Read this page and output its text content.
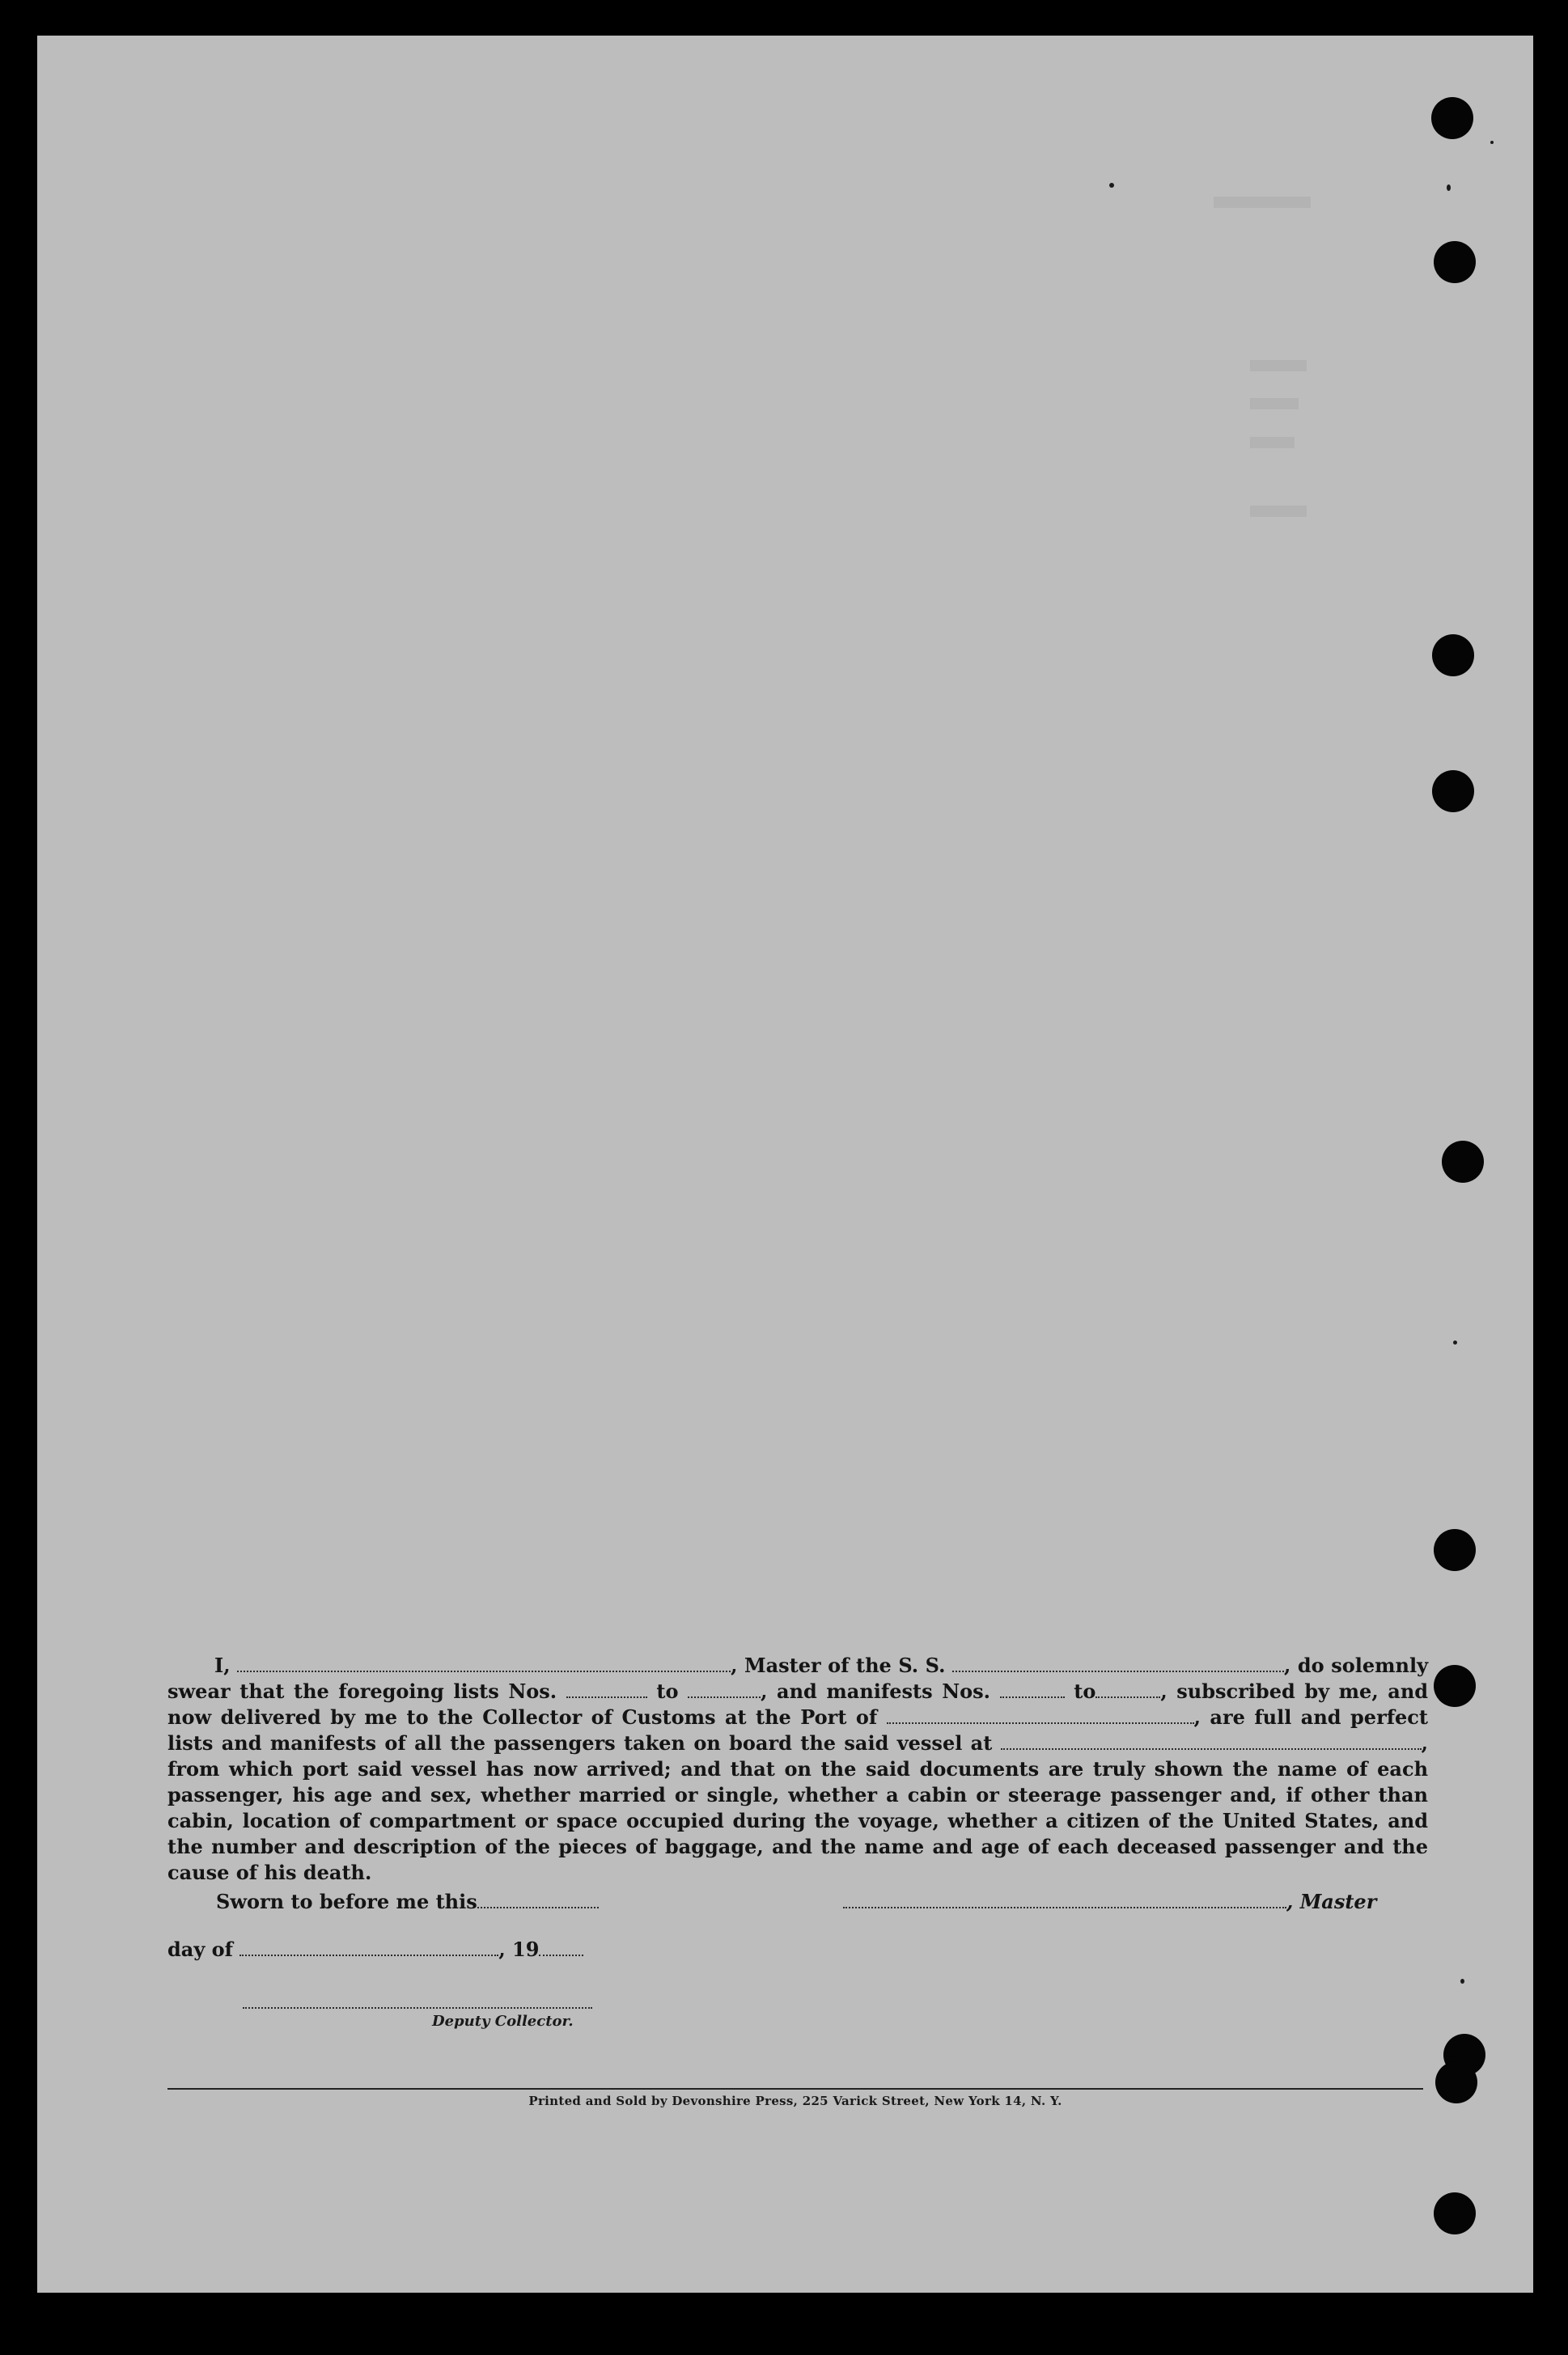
I,	, Master of the S. S.	, do solemnly swear that the foregoing lists Nos.	to	, and manifests Nos.	to	, subscribed by me, and now delivered by me to the Collector of Customs at the Port of	, are full and perfect lists and manifests of all the passengers taken on board the said vessel at	, from which port said vessel has now arrived; and that on the said documents are truly shown the name of each passenger, his age and sex, whether married or single, whether a cabin or steerage passenger and, if other than cabin, location of compartment or space occupied during the voyage, whether a citizen of the United States, and the number and description of the pieces of baggage, and the name and age of each deceased passenger and the cause of his death.
Sworn to before me this	, Master
day of	, 19
Deputy Collector.
Printed and Sold by Devonshire Press, 225 Varick Street, New York 14, N. Y.
